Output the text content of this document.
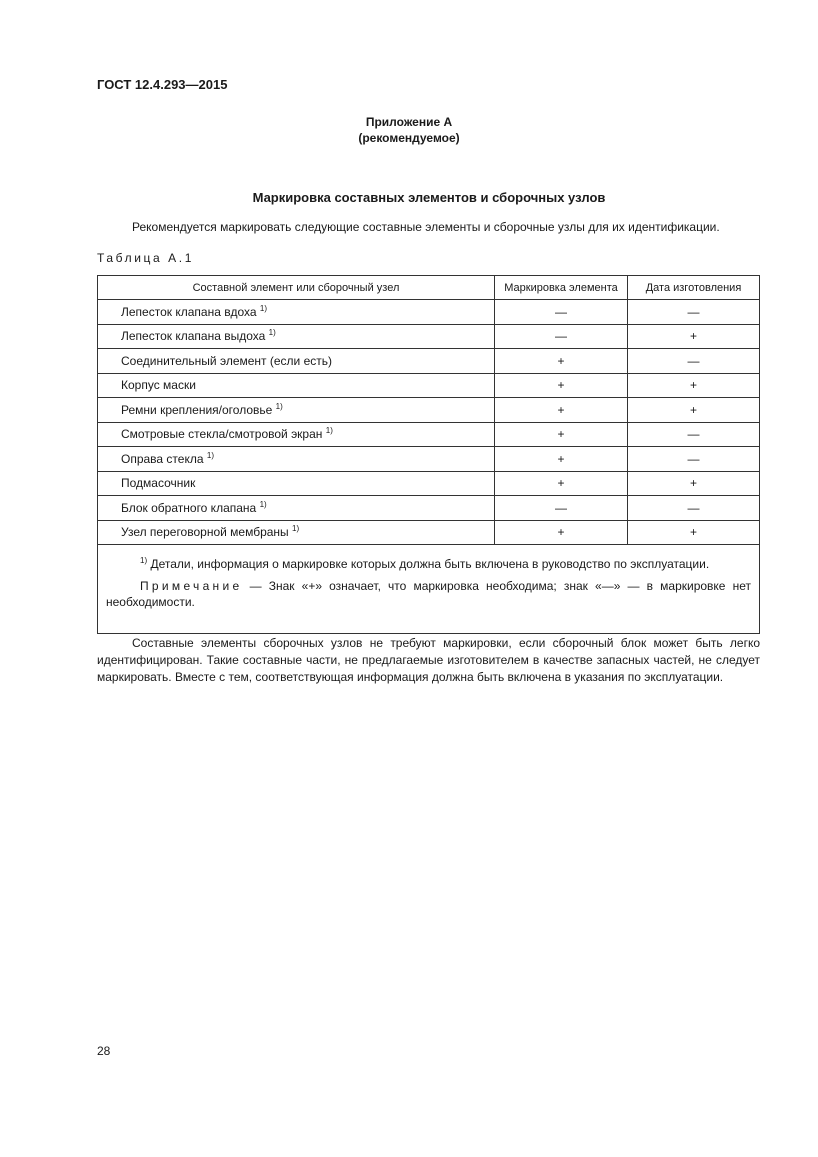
ГОСТ 12.4.293—2015
Приложение А
(рекомендуемое)
Маркировка составных элементов и сборочных узлов
Рекомендуется маркировать следующие составные элементы и сборочные узлы для их идентификации.
Таблица А.1
Составной элемент или сборочный узел	Маркировка элемента	Дата изготовления
Лепесток клапана вдоха $^{1)}$	—	—
Лепесток клапана выдоха $^{1)}$	—	+
Соединительный элемент (если есть)	+	—
Корпус маски	+	+
Ремни крепления/оголовье $^{1)}$	+	+
Смотровые стекла/смотровой экран $^{1)}$	+	—
Оправа стекла $^{1)}$	+	—
Подмасочник	+	+
Блок обратного клапана $^{1)}$	—	—
Узел переговорной мембраны $^{1)}$	+	+

$^{1)}$ Детали, информация о маркировке которых должна быть включена в руководство по эксплуатации.
Примечание — Знак «+» означает, что маркировка необходима; знак «—» — в маркировке нет необходимости.		
Составные элементы сборочных узлов не требуют маркировки, если сборочный блок может быть легко идентифицирован. Такие составные части, не предлагаемые изготовителем в качестве запасных частей, не следует маркировать. Вместе с тем, соответствующая информация должна быть включена в указания по эксплуатации.
28
